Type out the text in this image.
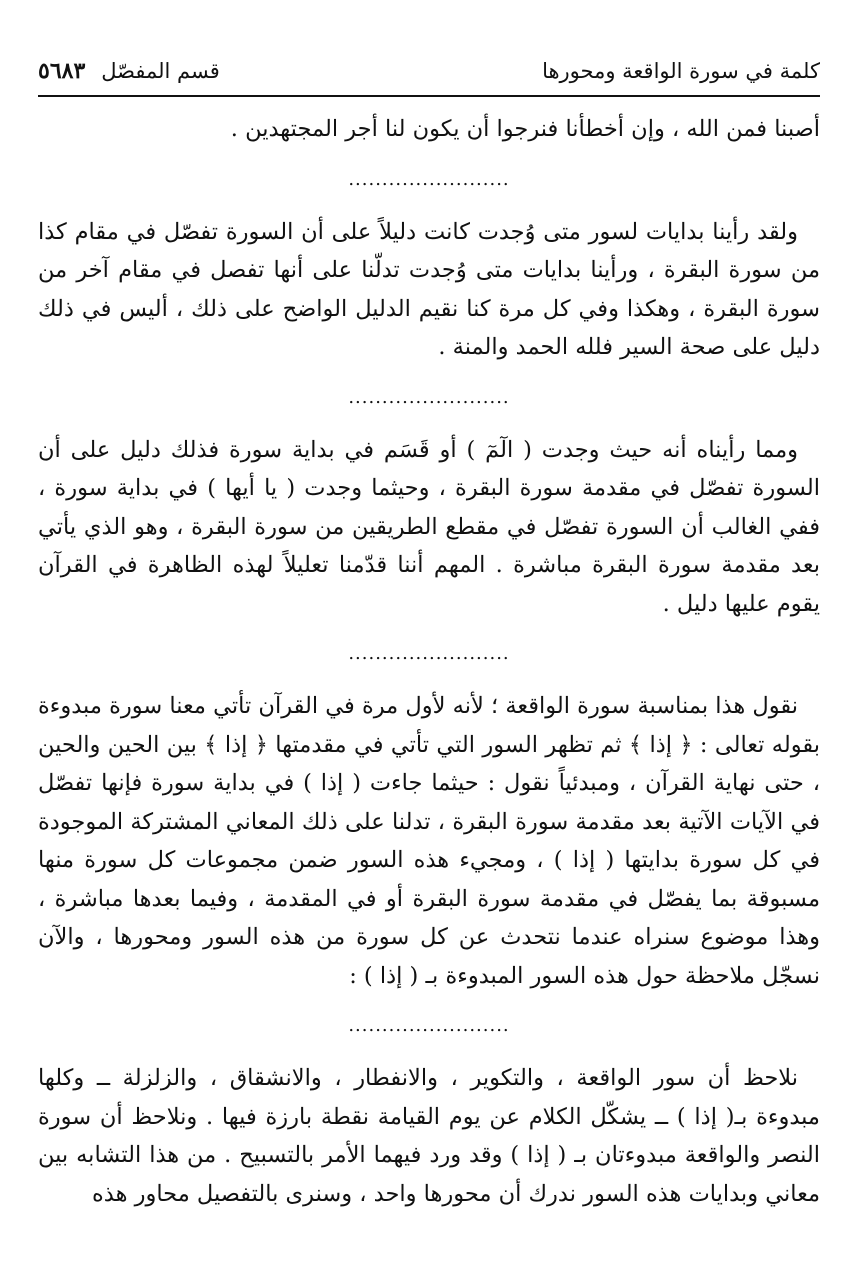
كلمة في سورة الواقعة ومحورها
قسم المفصّل
٥٦٨٣

أصبنا فمن الله ، وإن أخطأنا فنرجوا أن يكون لنا أجر المجتهدين .

........................

ولقد رأينا بدايات لسور متى وُجدت كانت دليلاً على أن السورة تفصّل في مقام كذا من سورة البقرة ، ورأينا بدايات متى وُجدت تدلّنا على أنها تفصل في مقام آخر من سورة البقرة ، وهكذا وفي كل مرة كنا نقيم الدليل الواضح على ذلك ، أليس في ذلك دليل على صحة السير فلله الحمد والمنة .

........................

ومما رأيناه أنه حيث وجدت ( الٓمٓ ) أو قَسَم في بداية سورة فذلك دليل على أن السورة تفصّل في مقدمة سورة البقرة ، وحيثما وجدت ( يا أيها ) في بداية سورة ، ففي الغالب أن السورة تفصّل في مقطع الطريقين من سورة البقرة ، وهو الذي يأتي بعد مقدمة سورة البقرة مباشرة . المهم أننا قدّمنا تعليلاً لهذه الظاهرة في القرآن يقوم عليها دليل .

........................

نقول هذا بمناسبة سورة الواقعة ؛ لأنه لأول مرة في القرآن تأتي معنا سورة مبدوءة بقوله تعالى : ﴿ إذا ﴾ ثم تظهر السور التي تأتي في مقدمتها ﴿ إذا ﴾ بين الحين والحين ، حتى نهاية القرآن ، ومبدئياً نقول : حيثما جاءت ( إذا ) في بداية سورة فإنها تفصّل في الآيات الآتية بعد مقدمة سورة البقرة ، تدلنا على ذلك المعاني المشتركة الموجودة في كل سورة بدايتها ( إذا ) ، ومجيء هذه السور ضمن مجموعات كل سورة منها مسبوقة بما يفصّل في مقدمة سورة البقرة أو في المقدمة ، وفيما بعدها مباشرة ، وهذا موضوع سنراه عندما نتحدث عن كل سورة من هذه السور ومحورها ، والآن نسجّل ملاحظة حول هذه السور المبدوءة بـ ( إذا ) :

........................

نلاحظ أن سور الواقعة ، والتكوير ، والانفطار ، والانشقاق ، والزلزلة ــ وكلها مبدوءة بـ( إذا ) ــ يشكّل الكلام عن يوم القيامة نقطة بارزة فيها . ونلاحظ أن سورة النصر والواقعة مبدوءتان بـ ( إذا ) وقد ورد فيهما الأمر بالتسبيح . من هذا التشابه بين معاني وبدايات هذه السور ندرك أن محورها واحد ، وسنرى بالتفصيل محاور هذه
